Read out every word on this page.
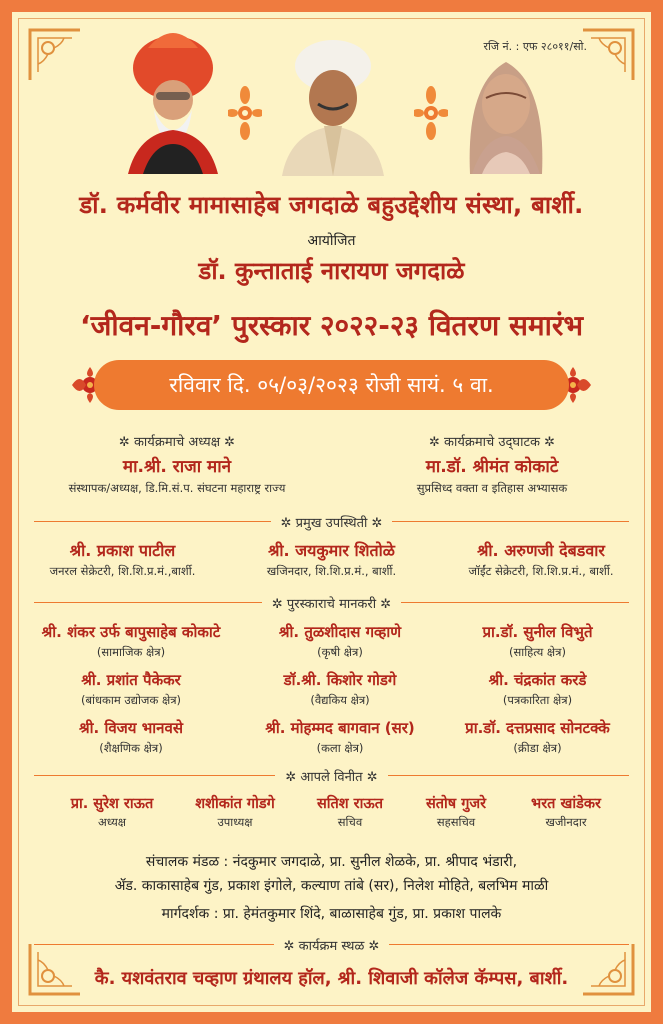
रजि नं. : एफ २८०११/सो.
डॉ. कर्मवीर मामासाहेब जगदाळे बहुउद्देशीय संस्था, बार्शी.
आयोजित
डॉ. कुन्ताताई नारायण जगदाळे
‘जीवन-गौरव’ पुरस्कार २०२२-२३ वितरण समारंभ
रविवार दि. ०५/०३/२०२३ रोजी सायं. ५ वा.
✲ कार्यक्रमाचे अध्यक्ष ✲
मा.श्री. राजा माने
संस्थापक/अध्यक्ष, डि.मि.सं.प. संघटना महाराष्ट्र राज्य
✲ कार्यक्रमाचे उद्‌घाटक ✲
मा.डॉ. श्रीमंत कोकाटे
सुप्रसिध्द वक्ता व इतिहास अभ्यासक
✲ प्रमुख उपस्थिती ✲
श्री. प्रकाश पाटील
जनरल सेक्रेटरी, शि.शि.प्र.मं.,बार्शी.
श्री. जयकुमार शितोळे
खजिनदार, शि.शि.प्र.मं., बार्शी.
श्री. अरुणजी देबडवार
जॉईंट सेक्रेटरी, शि.शि.प्र.मं., बार्शी.
✲ पुरस्काराचे मानकरी ✲
श्री. शंकर उर्फ बापुसाहेब कोकाटे
(सामाजिक क्षेत्र)
श्री. तुळशीदास गव्हाणे
(कृषी क्षेत्र)
प्रा.डॉ. सुनील विभुते
(साहित्य क्षेत्र)
श्री. प्रशांत पैकेकर
(बांधकाम उद्योजक क्षेत्र)
डॉ.श्री. किशोर गोडगे
(वैद्यकिय क्षेत्र)
श्री. चंद्रकांत करडे
(पत्रकारिता क्षेत्र)
श्री. विजय भानवसे
(शैक्षणिक क्षेत्र)
श्री. मोहम्मद बागवान (सर)
(कला क्षेत्र)
प्रा.डॉ. दत्तप्रसाद सोनटक्के
(क्रीडा क्षेत्र)
✲ आपले विनीत ✲
प्रा. सुरेश राऊत
अध्यक्ष
शशीकांत गोडगे
उपाध्यक्ष
सतिश राऊत
सचिव
संतोष गुजरे
सहसचिव
भरत खांडेकर
खजीनदार
संचालक मंडळ : नंदकुमार जगदाळे, प्रा. सुनील शेळके, प्रा. श्रीपाद भंडारी,
ॲड. काकासाहेब गुंड, प्रकाश इंगोले, कल्याण तांबे (सर), निलेश मोहिते, बलभिम माळी
मार्गदर्शक : प्रा. हेमंतकुमार शिंदे, बाळासाहेब गुंड, प्रा. प्रकाश पालके
✲ कार्यक्रम स्थळ ✲
कै. यशवंतराव चव्हाण ग्रंथालय हॉल, श्री. शिवाजी कॉलेज कॅम्पस, बार्शी.
